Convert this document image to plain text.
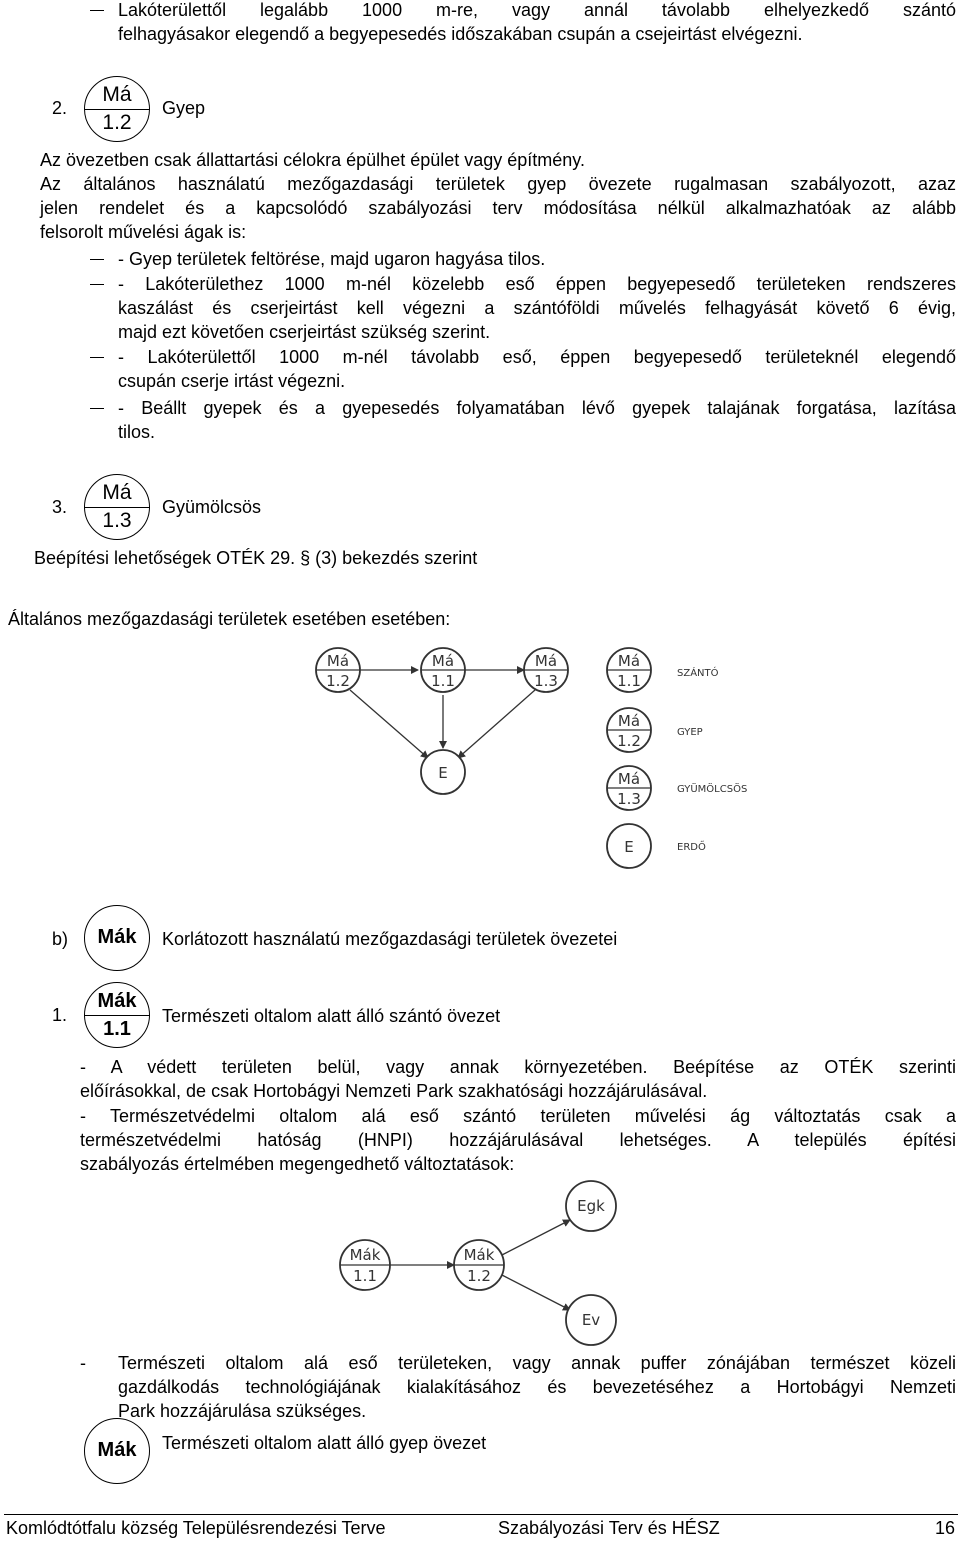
Lakóterülettől legalább 1000 m-re, vagy annál távolabb elhelyezkedő szántó
felhagyásakor elegendő a begyepesedés időszakában csupán a csejeirtást elvégezni.
2.
Má
1.2
Gyep
Az övezetben csak állattartási célokra épülhet épület vagy építmény.
Az általános használatú mezőgazdasági területek gyep övezete rugalmasan szabályozott, azaz
jelen rendelet és a kapcsolódó szabályozási terv módosítása nélkül alkalmazhatóak az alább
felsorolt művelési ágak is:
- Gyep területek feltörése, majd ugaron hagyása tilos.
- Lakóterülethez 1000 m-nél közelebb eső éppen begyepesedő területeken rendszeres
kaszálást és cserjeirtást kell végezni a szántóföldi művelés felhagyását követő 6 évig,
majd ezt követően cserjeirtást szükség szerint.
- Lakóterülettől 1000 m-nél távolabb eső, éppen begyepesedő területeknél elegendő
csupán cserje irtást végezni.
- Beállt gyepek és a gyepesedés folyamatában lévő gyepek talajának forgatása, lazítása
tilos.
3.
Má
1.3
Gyümölcsös
Beépítési lehetőségek OTÉK 29. § (3) bekezdés szerint
Általános mezőgazdasági területek esetében esetében:
Má
1.2
Má
1.1
Má
1.3
E
Má
1.1
Má
1.2
Má
1.3
E
SZÁNTÓ
GYEP
GYÜMÖLCSÖS
ERDŐ
b)	Mák	Korlátozott használatú mezőgazdasági területek övezetei
1.
Mák
1.1
Természeti oltalom alatt álló szántó övezet
- A védett területen belül, vagy annak környezetében. Beépítése az OTÉK szerinti
előírásokkal, de csak Hortobágyi Nemzeti Park szakhatósági hozzájárulásával.
- Természetvédelmi oltalom alá eső szántó területen művelési ág változtatás csak a
természetvédelmi hatóság (HNPI) hozzájárulásával lehetséges. A település építési
szabályozás értelmében megengedhető változtatások:
Mák
1.1
Mák
1.2
Egk
Ev
- Természeti oltalom alá eső területeken, vagy annak puffer zónájában természet közeli
gazdálkodás technológiájának kialakításához és bevezetéséhez a Hortobágyi Nemzeti
Park hozzájárulása szükséges.
Mák	Természeti oltalom alatt álló gyep övezet
Komlódtótfalu község Településrendezési Terve	Szabályozási Terv és HÉSZ	16
